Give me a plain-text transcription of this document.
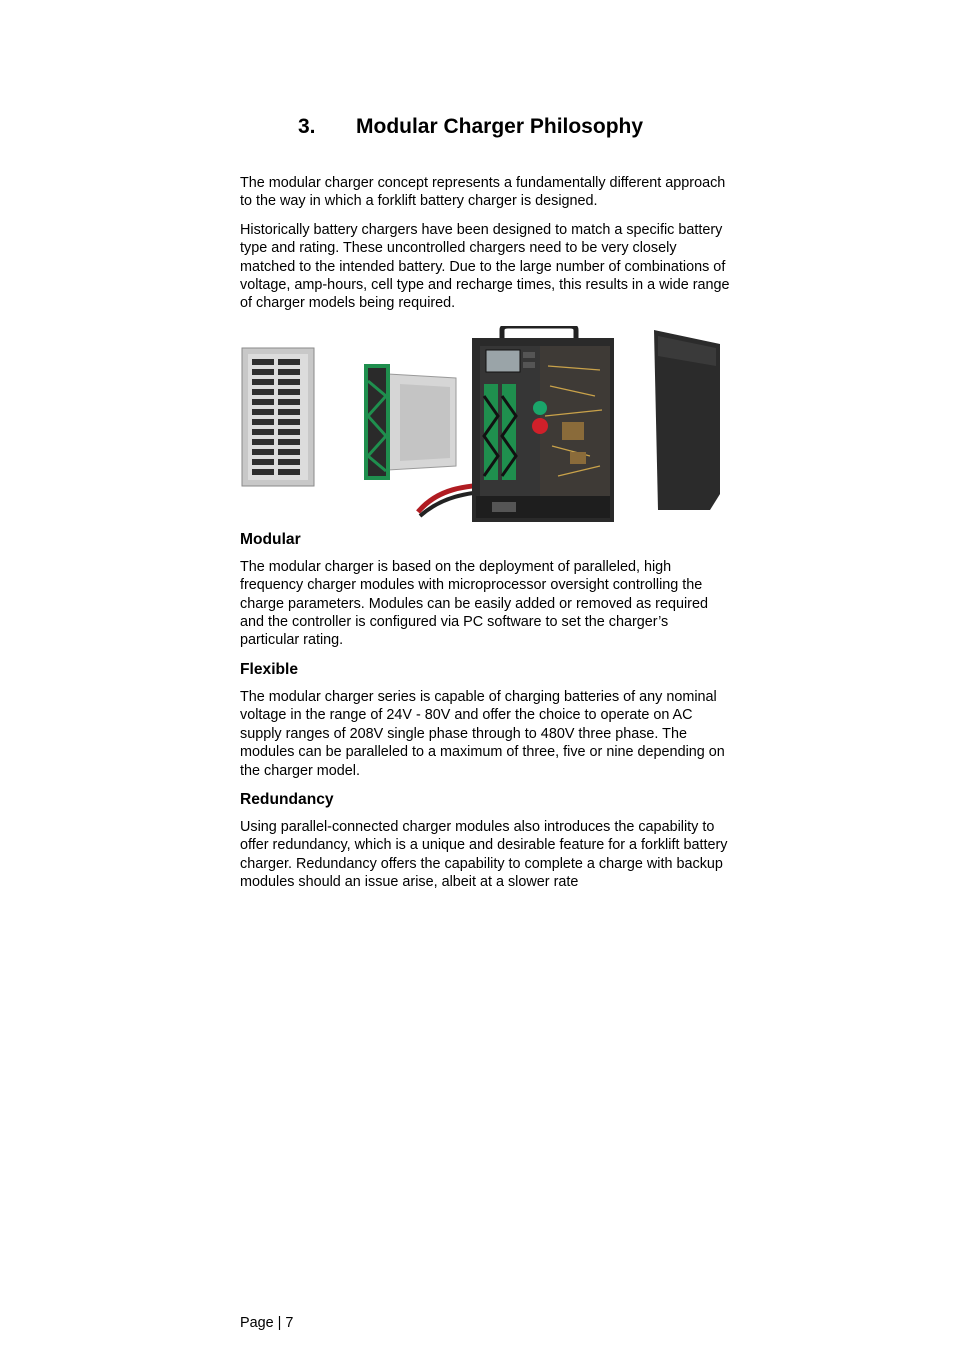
3. Modular Charger Philosophy

The modular charger concept represents a fundamentally different approach to the way in which a forklift battery charger is designed.

Historically battery chargers have been designed to match a specific battery type and rating. These uncontrolled chargers need to be very closely matched to the intended battery. Due to the large number of combinations of voltage, amp-hours, cell type and recharge times, this results in a wide range of charger models being required.

Modular

The modular charger is based on the deployment of paralleled, high frequency charger modules with microprocessor oversight controlling the charge parameters. Modules can be easily added or removed as required and the controller is configured via PC software to set the charger’s particular rating.

Flexible

The modular charger series is capable of charging batteries of any nominal voltage in the range of 24V - 80V and offer the choice to operate on AC supply ranges of 208V single phase through to 480V three phase. The modules can be paralleled to a maximum of three, five or nine depending on the charger model.

Redundancy

Using parallel-connected charger modules also introduces the capability to offer redundancy, which is a unique and desirable feature for a forklift battery charger. Redundancy offers the capability to complete a charge with backup modules should an issue arise, albeit at a slower rate

Page | 7
